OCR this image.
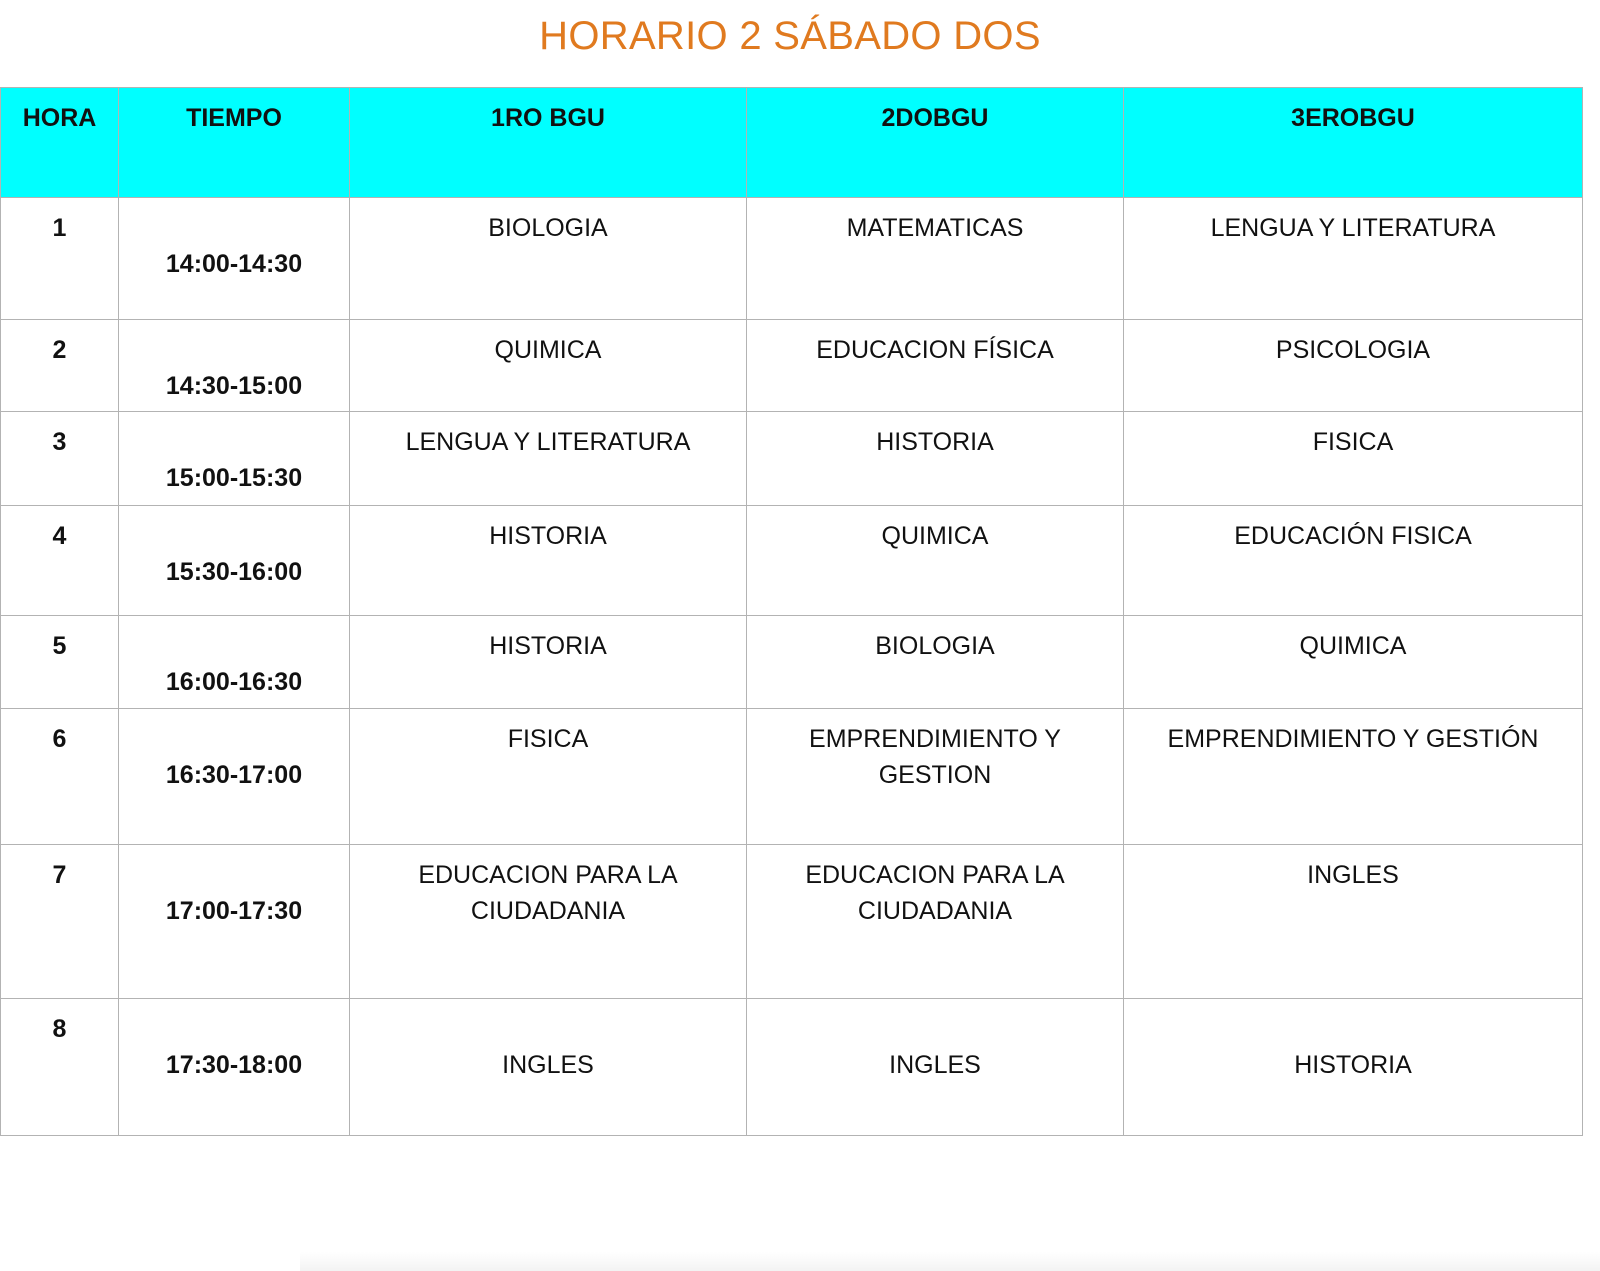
HORARIO 2 SÁBADO DOS
HORA	TIEMPO	1RO BGU	2DOBGU	3EROBGU
1	14:00-14:30	BIOLOGIA	MATEMATICAS	LENGUA Y LITERATURA
2	14:30-15:00	QUIMICA	EDUCACION FÍSICA	PSICOLOGIA
3	15:00-15:30	LENGUA Y LITERATURA	HISTORIA	FISICA
4	15:30-16:00	HISTORIA	QUIMICA	EDUCACIÓN FISICA
5	16:00-16:30	HISTORIA	BIOLOGIA	QUIMICA
6	16:30-17:00	FISICA	EMPRENDIMIENTO Y GESTION	EMPRENDIMIENTO Y GESTIÓN
7	17:00-17:30	EDUCACION PARA LA CIUDADANIA	EDUCACION PARA LA CIUDADANIA	INGLES
8	17:30-18:00	INGLES	INGLES	HISTORIA
